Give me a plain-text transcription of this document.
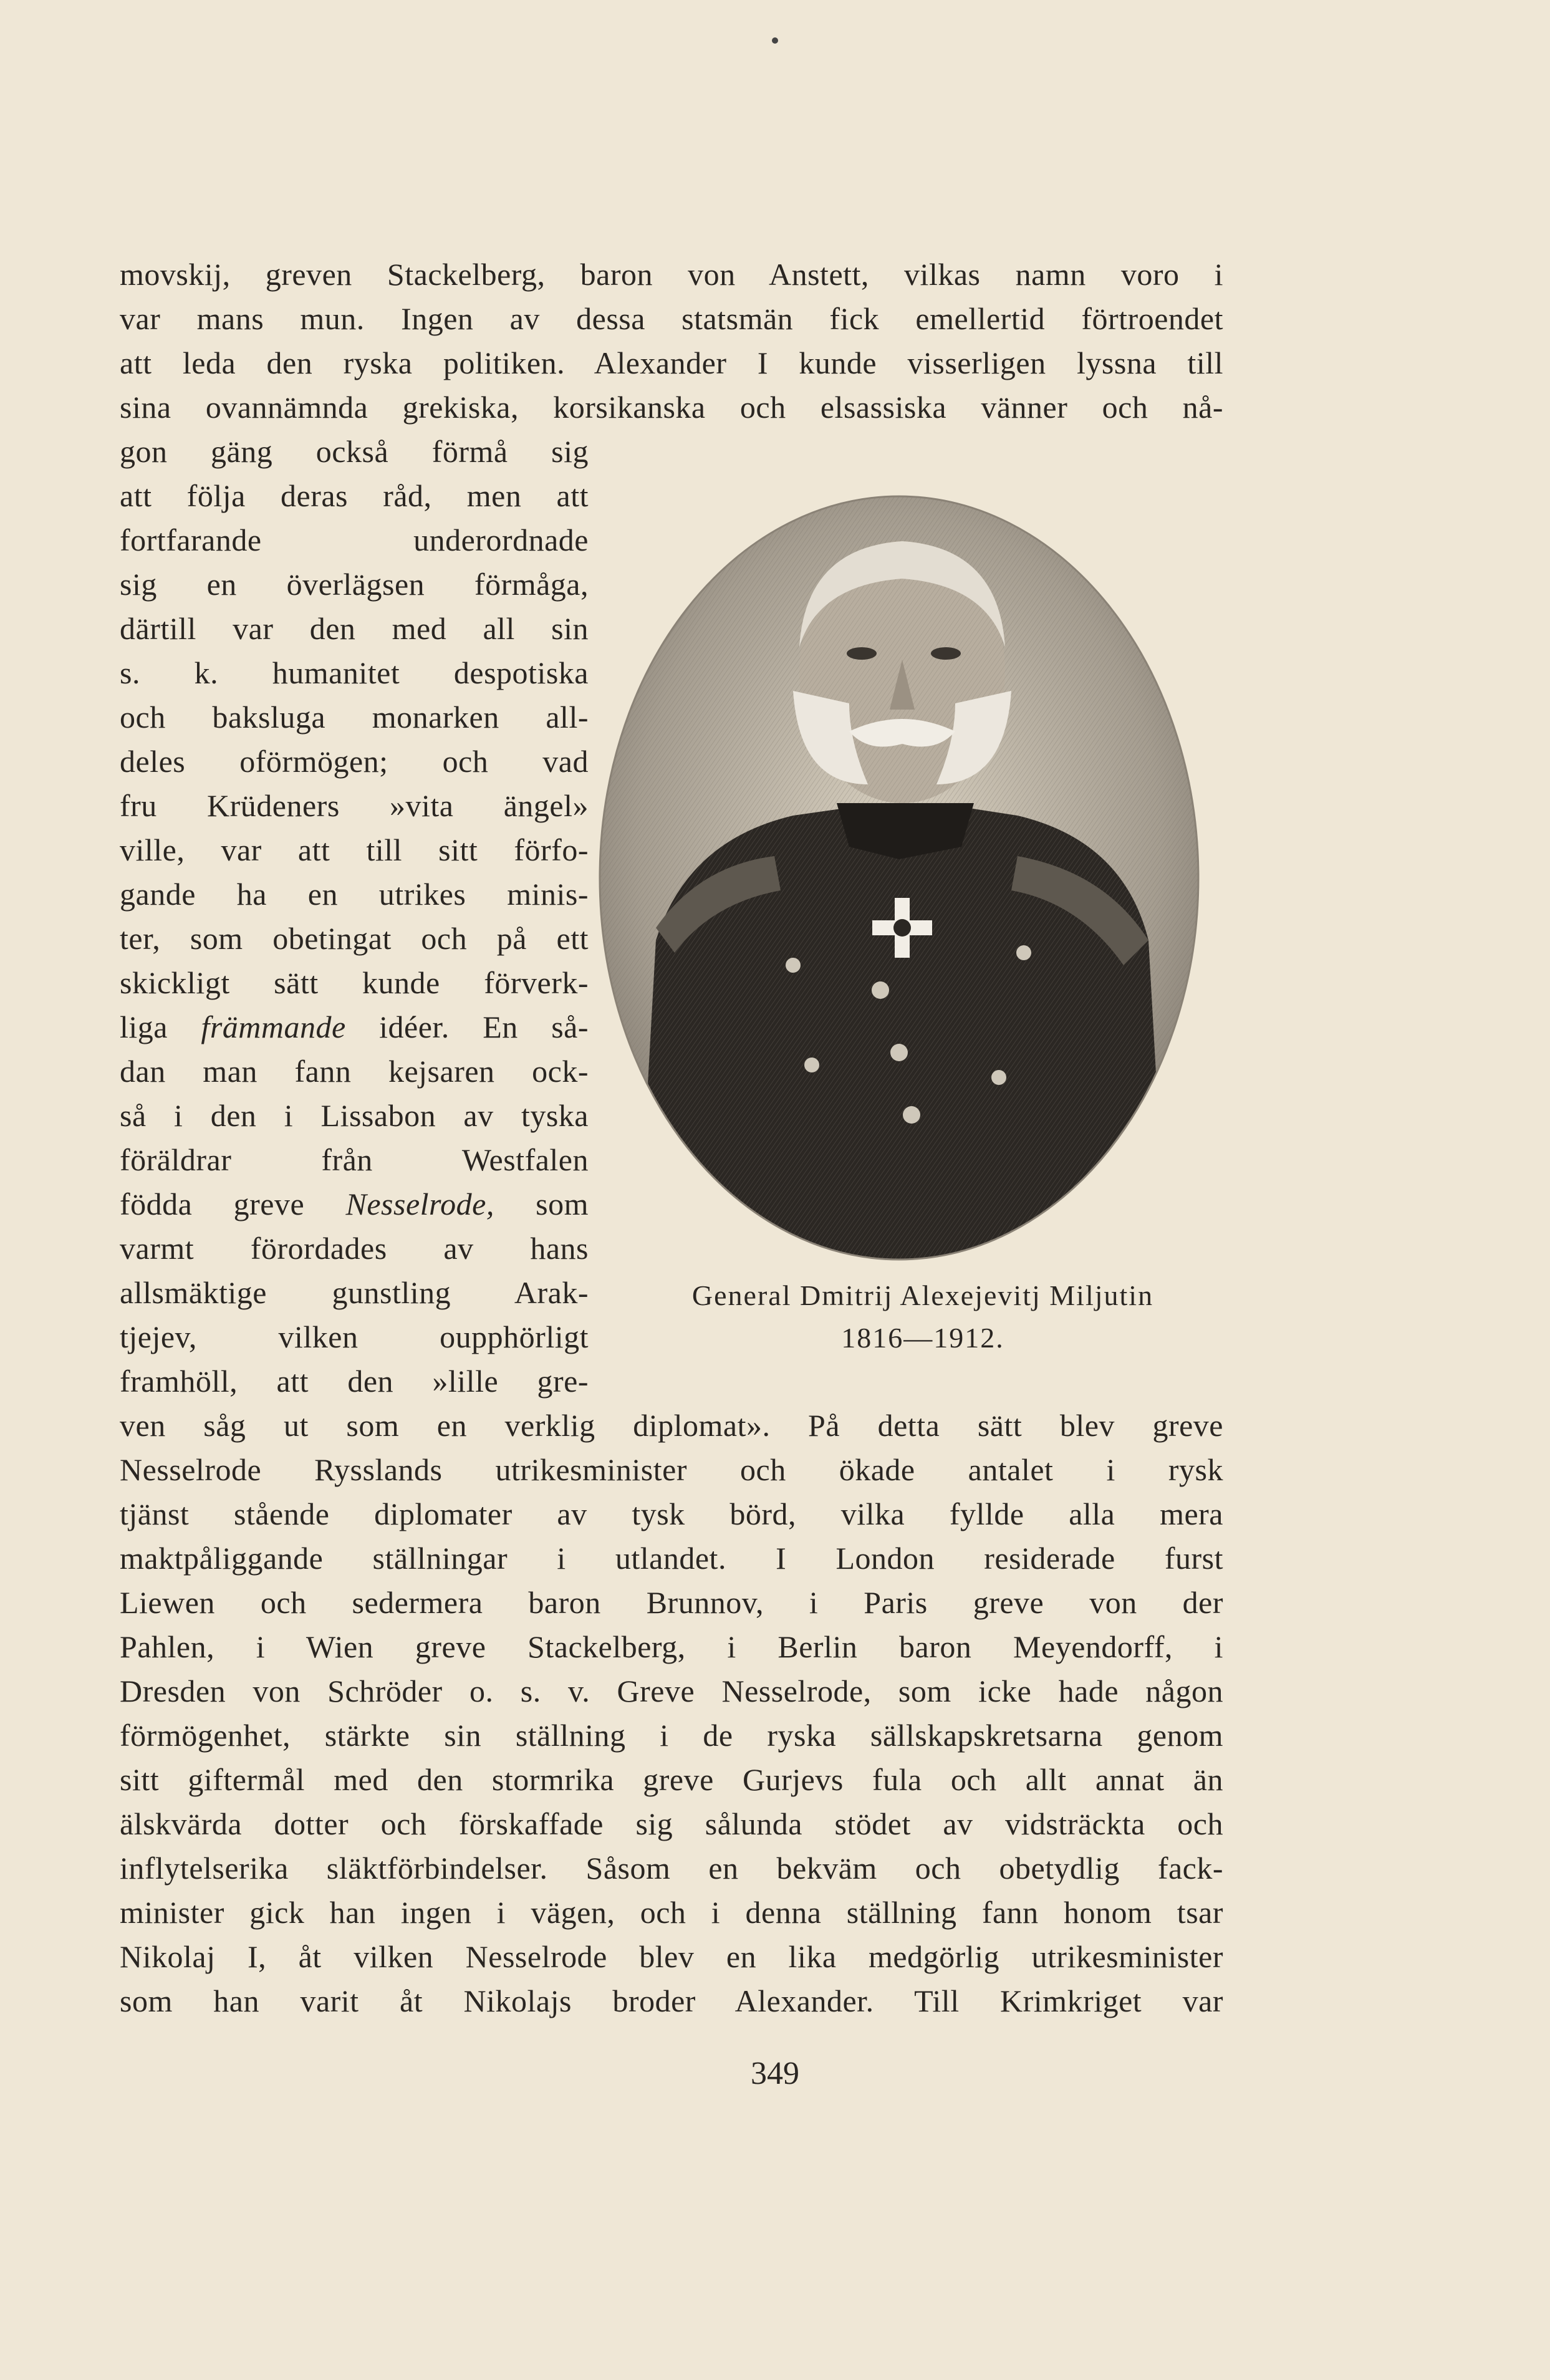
movskij, greven Stackelberg, baron von Anstett, vilkas namn voro i
var mans mun. Ingen av dessa statsmän fick emellertid förtroendet
att leda den ryska politiken. Alexander I kunde visserligen lyssna till
sina ovannämnda grekiska, korsikanska och elsassiska vänner och nå-
gon gäng också förmå sig
att följa deras råd, men att
fortfarande underordnade
sig en överlägsen förmåga,
därtill var den med all sin
s. k. humanitet despotiska
och baksluga monarken all-
deles oförmögen; och vad
fru Krüdeners »vita ängel»
ville, var att till sitt förfo-
gande ha en utrikes minis-
ter, som obetingat och på ett
skickligt sätt kunde förverk-
liga främmande idéer. En så-
dan man fann kejsaren ock-
så i den i Lissabon av tyska
föräldrar från Westfalen
födda greve Nesselrode, som
varmt förordades av hans
allsmäktige gunstling Arak-
tjejev, vilken oupphörligt
framhöll, att den »lille gre-
General Dmitrij Alexejevitj Miljutin
1816—1912.
ven såg ut som en verklig diplomat». På detta sätt blev greve
Nesselrode Rysslands utrikesminister och ökade antalet i rysk
tjänst stående diplomater av tysk börd, vilka fyllde alla mera
maktpåliggande ställningar i utlandet. I London residerade furst
Liewen och sedermera baron Brunnov, i Paris greve von der
Pahlen, i Wien greve Stackelberg, i Berlin baron Meyendorff, i
Dresden von Schröder o. s. v. Greve Nesselrode, som icke hade någon
förmögenhet, stärkte sin ställning i de ryska sällskapskretsarna genom
sitt giftermål med den stormrika greve Gurjevs fula och allt annat än
älskvärda dotter och förskaffade sig sålunda stödet av vidsträckta och
inflytelserika släktförbindelser. Såsom en bekväm och obetydlig fack-
minister gick han ingen i vägen, och i denna ställning fann honom tsar
Nikolaj I, åt vilken Nesselrode blev en lika medgörlig utrikesminister
som han varit åt Nikolajs broder Alexander. Till Krimkriget var
349
